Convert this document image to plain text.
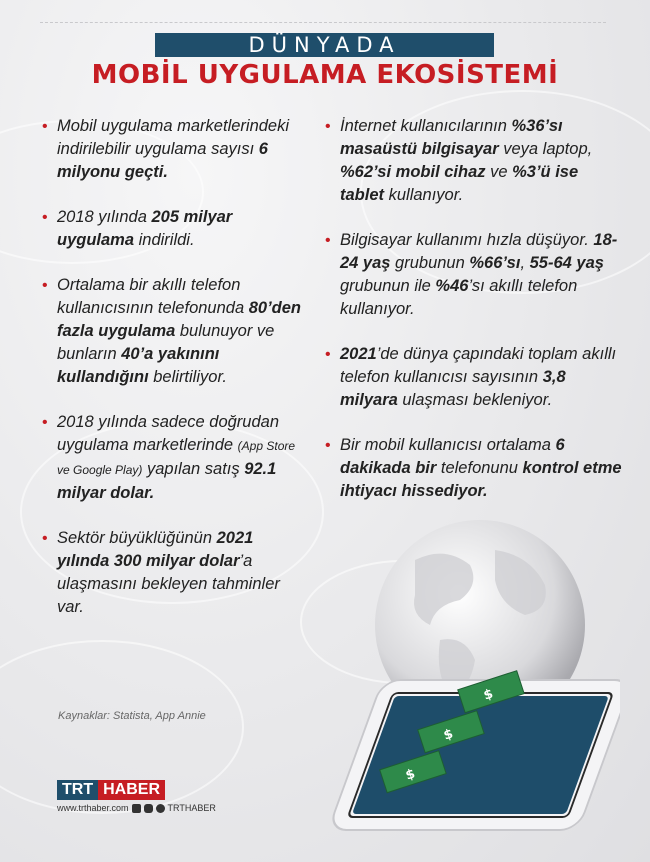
DÜNYADA
MOBİL UYGULAMA EKOSİSTEMİ

• Mobil uygulama marketlerindeki indirilebilir uygulama sayısı 6 milyonu geçti.

• 2018 yılında 205 milyar uygulama indirildi.

• Ortalama bir akıllı telefon kullanıcısının telefonunda 80’den fazla uygulama bulunuyor ve bunların 40’a yakınını kullandığını belirtiliyor.

• 2018 yılında sadece doğrudan uygulama marketlerinde (App Store ve Google Play) yapılan satış 92.1 milyar dolar.

• Sektör büyüklüğünün 2021 yılında 300 milyar dolar’a ulaşmasını bekleyen tahminler var.

• İnternet kullanıcılarının %36’sı masaüstü bilgisayar veya laptop, %62’si mobil cihaz ve %3’ü ise tablet kullanıyor.

• Bilgisayar kullanımı hızla düşüyor. 18-24 yaş grubunun %66’sı, 55-64 yaş grubunun ile %46’sı akıllı telefon kullanıyor.

• 2021’de dünya çapındaki toplam akıllı telefon kullanıcısı sayısının 3,8 milyara ulaşması bekleniyor.

• Bir mobil kullanıcısı ortalama 6 dakikada bir telefonunu kontrol etme ihtiyacı hissediyor.

Kaynaklar: Statista, App Annie
TRT HABER
www.trthaber.com	TRTHABER
$
$
$
